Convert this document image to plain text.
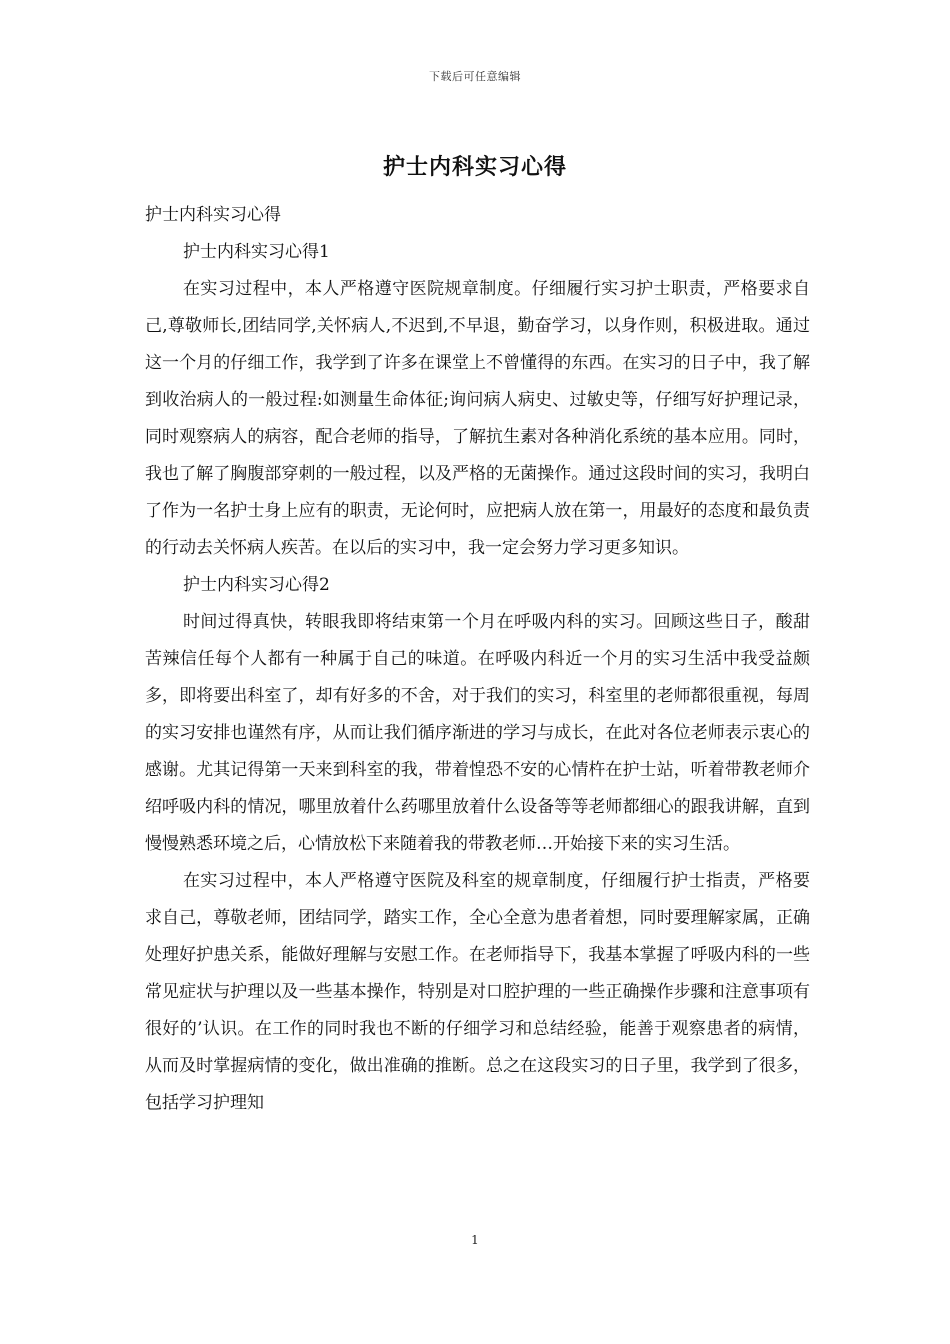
下载后可任意编辑
护士内科实习心得

护士内科实习心得

护士内科实习心得1

在实习过程中，本人严格遵守医院规章制度。仔细履行实习护士职责，严格要求自己,尊敬师长,团结同学,关怀病人,不迟到,不早退，勤奋学习，以身作则，积极进取。通过这一个月的仔细工作，我学到了许多在课堂上不曾懂得的东西。在实习的日子中，我了解到收治病人的一般过程:如测量生命体征;询问病人病史、过敏史等，仔细写好护理记录，同时观察病人的病容，配合老师的指导，了解抗生素对各种消化系统的基本应用。同时，我也了解了胸腹部穿刺的一般过程，以及严格的无菌操作。通过这段时间的实习，我明白了作为一名护士身上应有的职责，无论何时，应把病人放在第一，用最好的态度和最负责的行动去关怀病人疾苦。在以后的实习中，我一定会努力学习更多知识。

护士内科实习心得2

时间过得真快，转眼我即将结束第一个月在呼吸内科的实习。回顾这些日子，酸甜苦辣信任每个人都有一种属于自己的味道。在呼吸内科近一个月的实习生活中我受益颇多，即将要出科室了，却有好多的不舍，对于我们的实习，科室里的老师都很重视，每周的实习安排也谨然有序，从而让我们循序渐进的学习与成长，在此对各位老师表示衷心的感谢。尤其记得第一天来到科室的我，带着惶恐不安的心情杵在护士站，听着带教老师介绍呼吸内科的情况，哪里放着什么药哪里放着什么设备等等老师都细心的跟我讲解，直到慢慢熟悉环境之后，心情放松下来随着我的带教老师…开始接下来的实习生活。

在实习过程中，本人严格遵守医院及科室的规章制度，仔细履行护士指责，严格要求自己，尊敬老师，团结同学，踏实工作，全心全意为患者着想，同时要理解家属，正确处理好护患关系，能做好理解与安慰工作。在老师指导下，我基本掌握了呼吸内科的一些常见症状与护理以及一些基本操作，特别是对口腔护理的一些正确操作步骤和注意事项有很好的’认识。在工作的同时我也不断的仔细学习和总结经验，能善于观察患者的病情，从而及时掌握病情的变化，做出准确的推断。总之在这段实习的日子里，我学到了很多，包括学习护理知

1
